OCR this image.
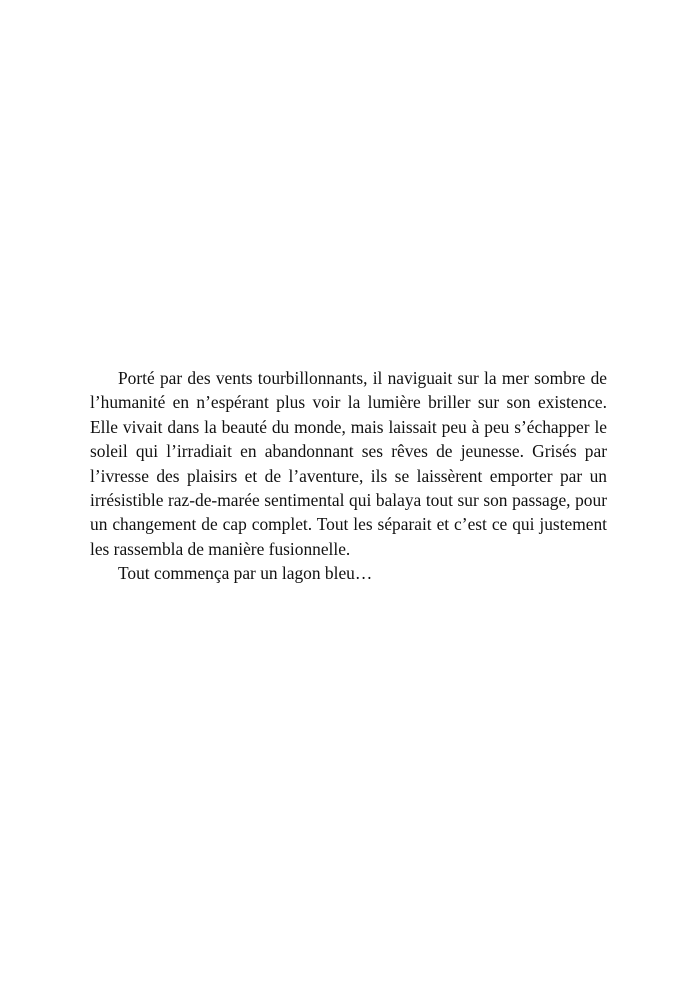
Porté par des vents tourbillonnants, il naviguait sur la mer sombre de l’humanité en n’espérant plus voir la lumière briller sur son existence. Elle vivait dans la beauté du monde, mais laissait peu à peu s’échapper le soleil qui l’irradiait en abandonnant ses rêves de jeunesse. Grisés par l’ivresse des plaisirs et de l’aventure, ils se laissèrent emporter par un irrésistible raz-de-marée sentimental qui balaya tout sur son passage, pour un changement de cap complet. Tout les séparait et c’est ce qui justement les rassembla de manière fusionnelle.

Tout commença par un lagon bleu…
